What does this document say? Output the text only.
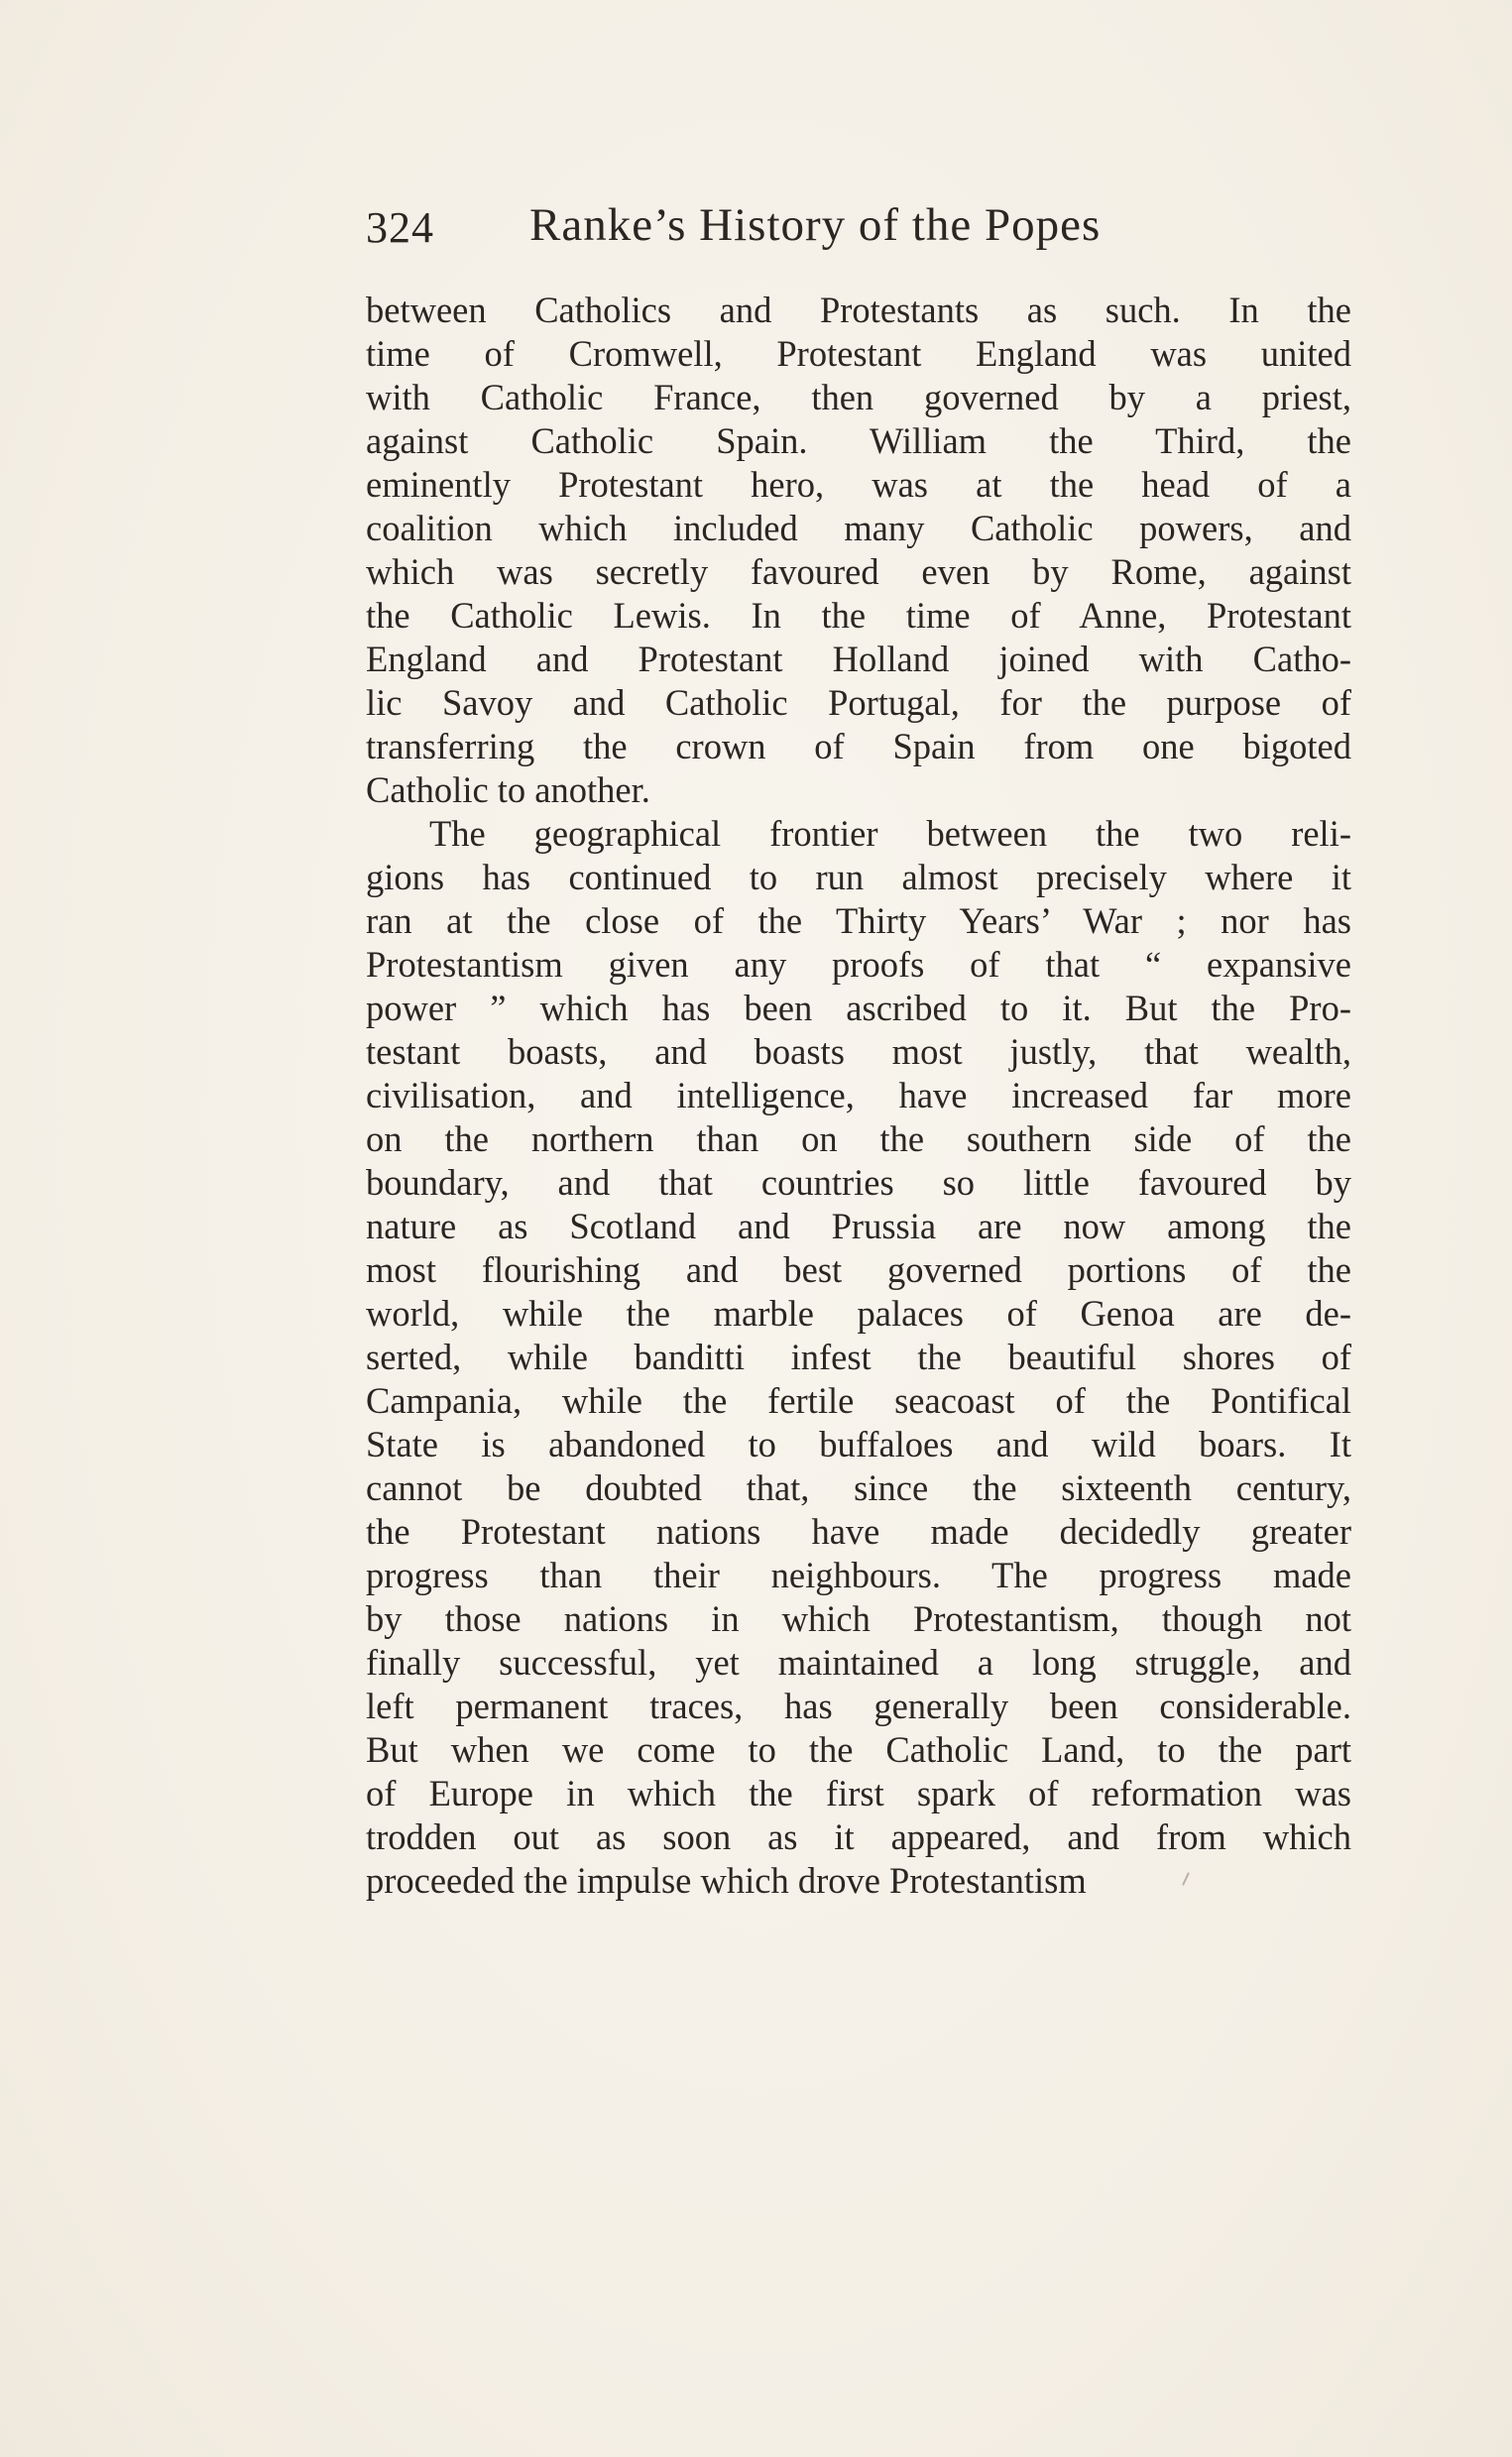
324 Ranke’s History of the Popes
between Catholics and Protestants as such. In the
time of Cromwell, Protestant England was united
with Catholic France, then governed by a priest,
against Catholic Spain. William the Third, the
eminently Protestant hero, was at the head of a
coalition which included many Catholic powers, and
which was secretly favoured even by Rome, against
the Catholic Lewis. In the time of Anne, Protestant
England and Protestant Holland joined with Catho-
lic Savoy and Catholic Portugal, for the purpose of
transferring the crown of Spain from one bigoted
Catholic to another.
The geographical frontier between the two reli-
gions has continued to run almost precisely where it
ran at the close of the Thirty Years’ War ; nor has
Protestantism given any proofs of that “ expansive
power ” which has been ascribed to it. But the Pro-
testant boasts, and boasts most justly, that wealth,
civilisation, and intelligence, have increased far more
on the northern than on the southern side of the
boundary, and that countries so little favoured by
nature as Scotland and Prussia are now among the
most flourishing and best governed portions of the
world, while the marble palaces of Genoa are de-
serted, while banditti infest the beautiful shores of
Campania, while the fertile seacoast of the Pontifical
State is abandoned to buffaloes and wild boars. It
cannot be doubted that, since the sixteenth century,
the Protestant nations have made decidedly greater
progress than their neighbours. The progress made
by those nations in which Protestantism, though not
finally successful, yet maintained a long struggle, and
left permanent traces, has generally been considerable.
But when we come to the Catholic Land, to the part
of Europe in which the first spark of reformation was
trodden out as soon as it appeared, and from which
proceeded the impulse which drove Protestantism
